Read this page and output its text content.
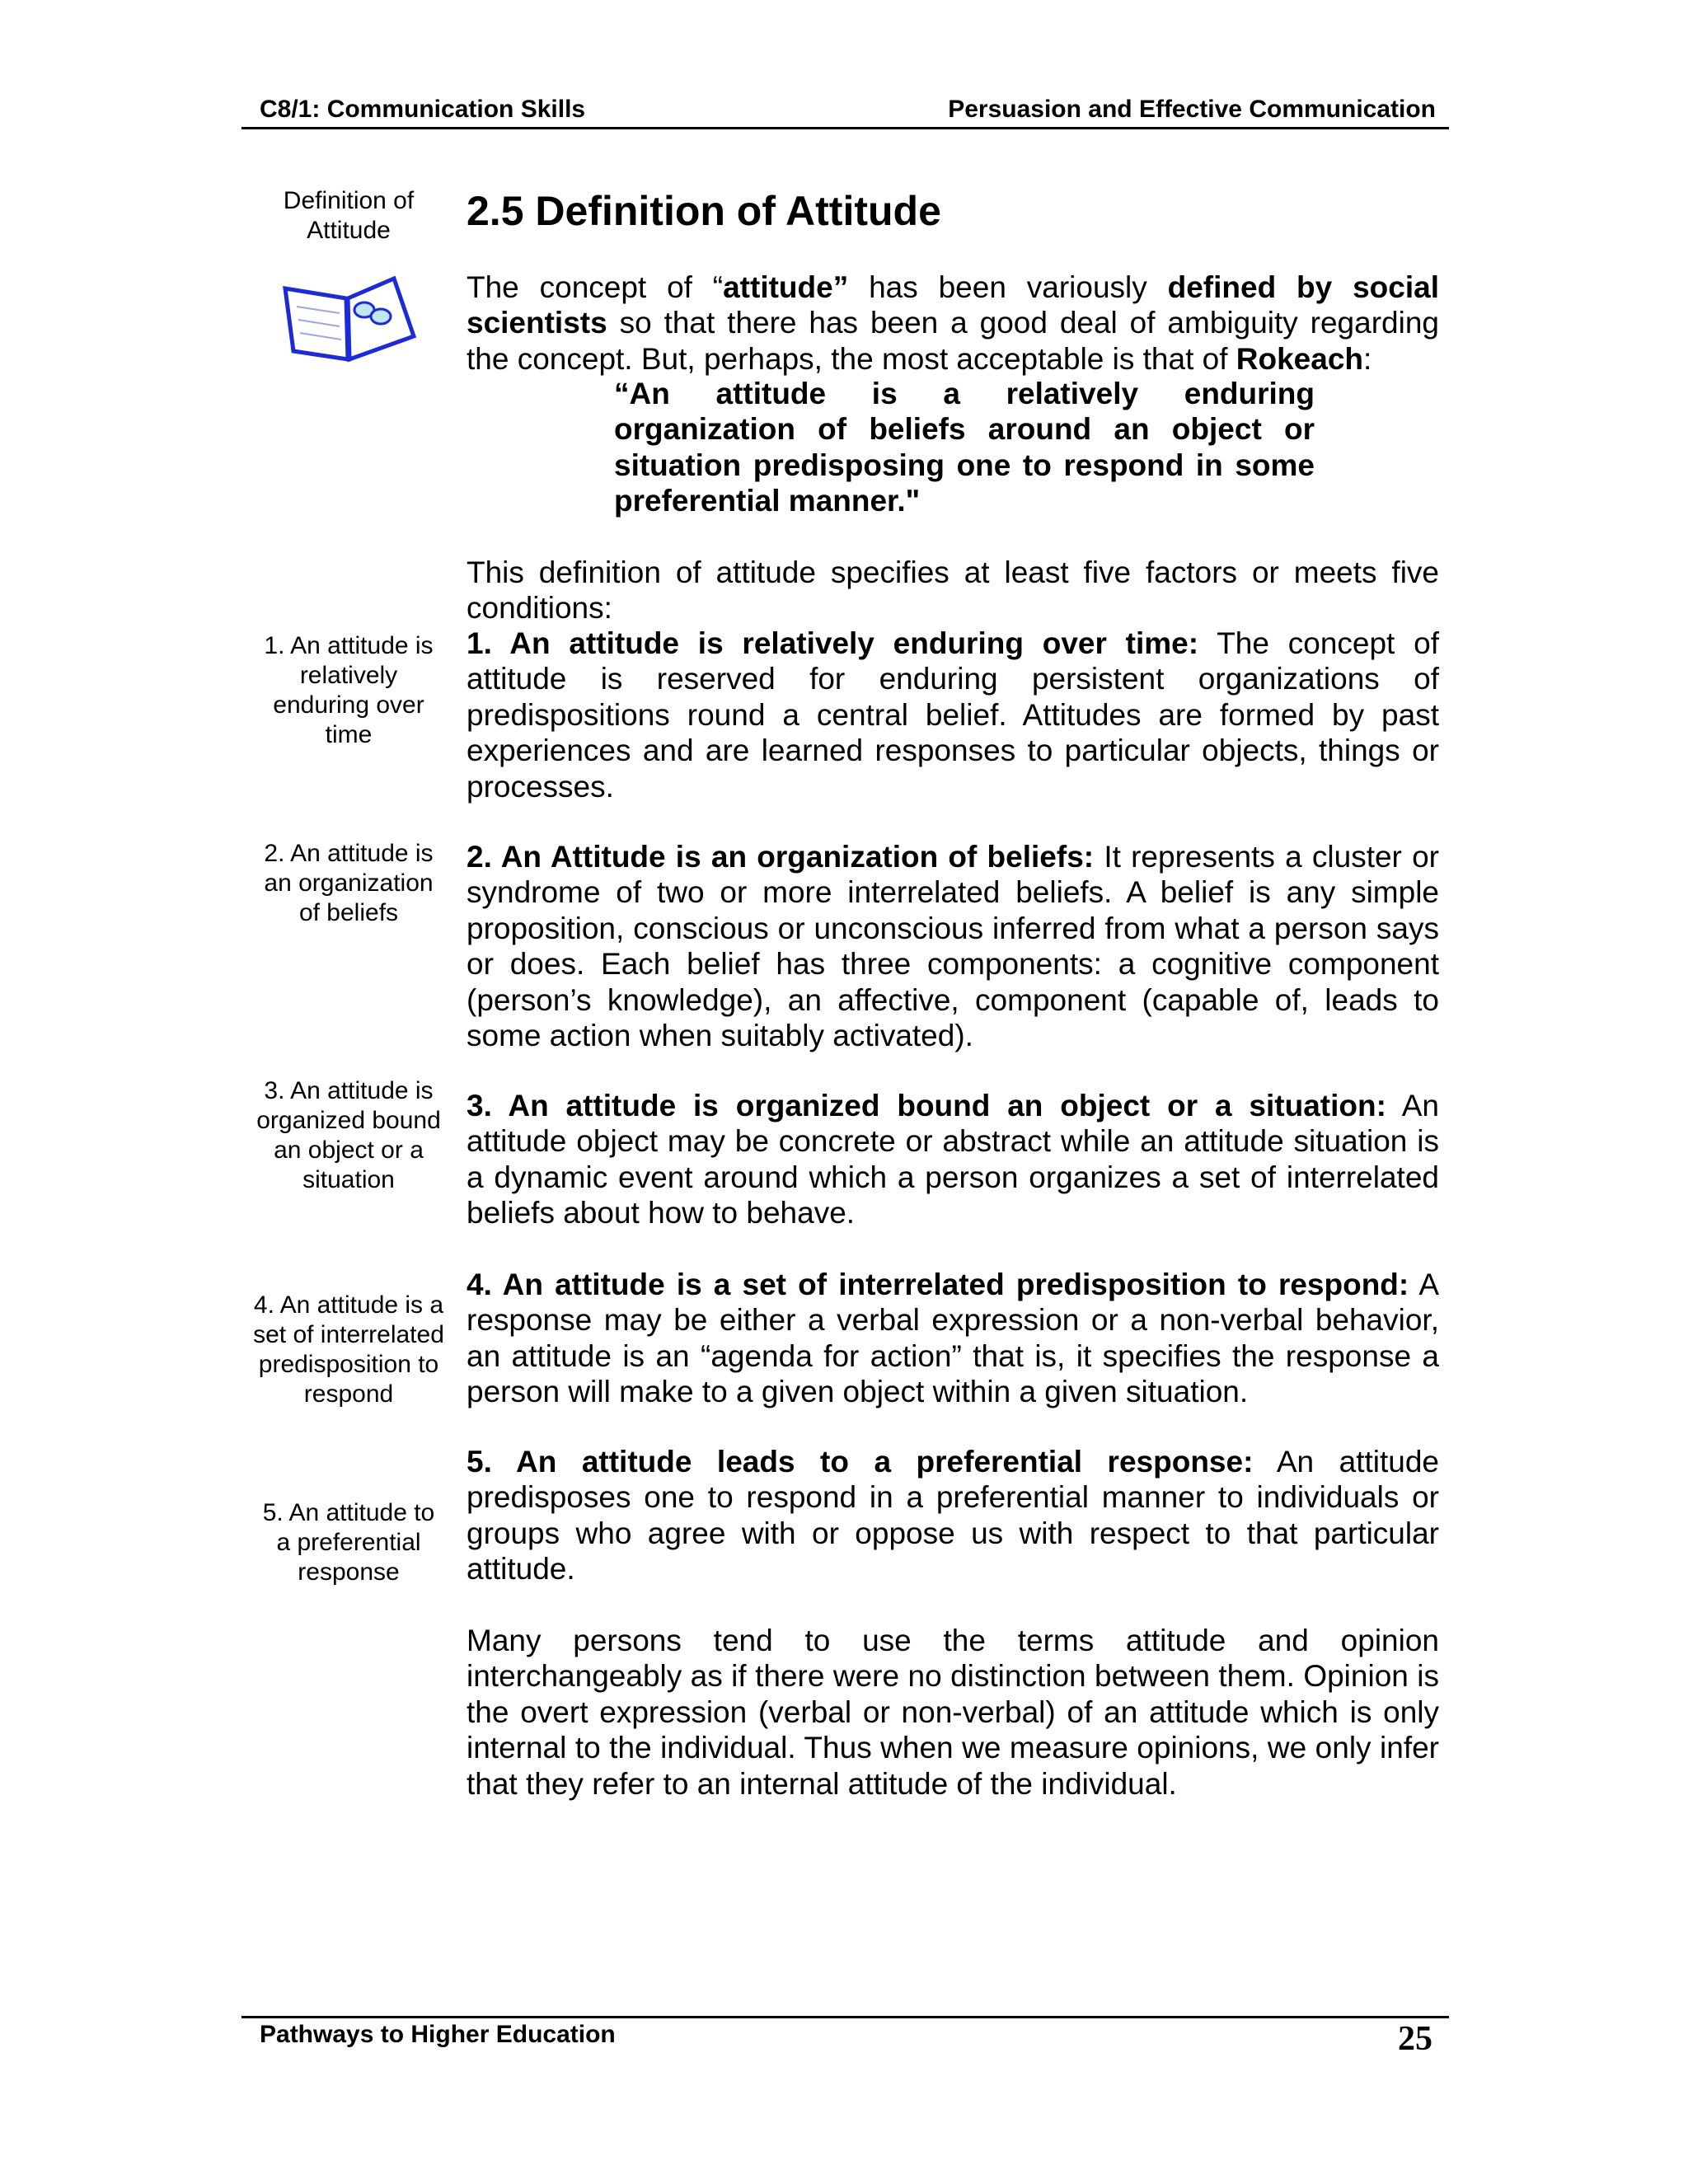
C8/1: Communication Skills	Persuasion and Effective Communication
Definition of Attitude
1. An attitude is relatively enduring over time
2. An attitude is an organization of beliefs
3. An attitude is organized bound an object or a situation
4. An attitude is a set of interrelated predisposition to respond
5. An attitude to a preferential response
2.5 Definition of Attitude
The concept of “attitude” has been variously defined by social scientists so that there has been a good deal of ambiguity regarding the concept. But, perhaps, the most acceptable is that of Rokeach:
“An attitude is a relatively enduring organization of beliefs around an object or situation predisposing one to respond in some preferential manner."
This definition of attitude specifies at least five factors or meets five conditions:
1. An attitude is relatively enduring over time: The concept of attitude is reserved for enduring persistent organizations of predispositions round a central belief. Attitudes are formed by past experiences and are learned responses to particular objects, things or processes.
2. An Attitude is an organization of beliefs: It represents a cluster or syndrome of two or more interrelated beliefs. A belief is any simple proposition, conscious or unconscious inferred from what a person says or does. Each belief has three components: a cognitive component (person’s knowledge), an affective, component (capable of, leads to some action when suitably activated).
3. An attitude is organized bound an object or a situation: An attitude object may be concrete or abstract while an attitude situation is a dynamic event around which a person organizes a set of interrelated beliefs about how to behave.
4. An attitude is a set of interrelated predisposition to respond: A response may be either a verbal expression or a non-verbal behavior, an attitude is an “agenda for action” that is, it specifies the response a person will make to a given object within a given situation.
5. An attitude leads to a preferential response: An attitude predisposes one to respond in a preferential manner to individuals or groups who agree with or oppose us with respect to that particular attitude.
Many persons tend to use the terms attitude and opinion interchangeably as if there were no distinction between them. Opinion is the overt expression (verbal or non-verbal) of an attitude which is only internal to the individual. Thus when we measure opinions, we only infer that they refer to an internal attitude of the individual.
Pathways to Higher Education	25
